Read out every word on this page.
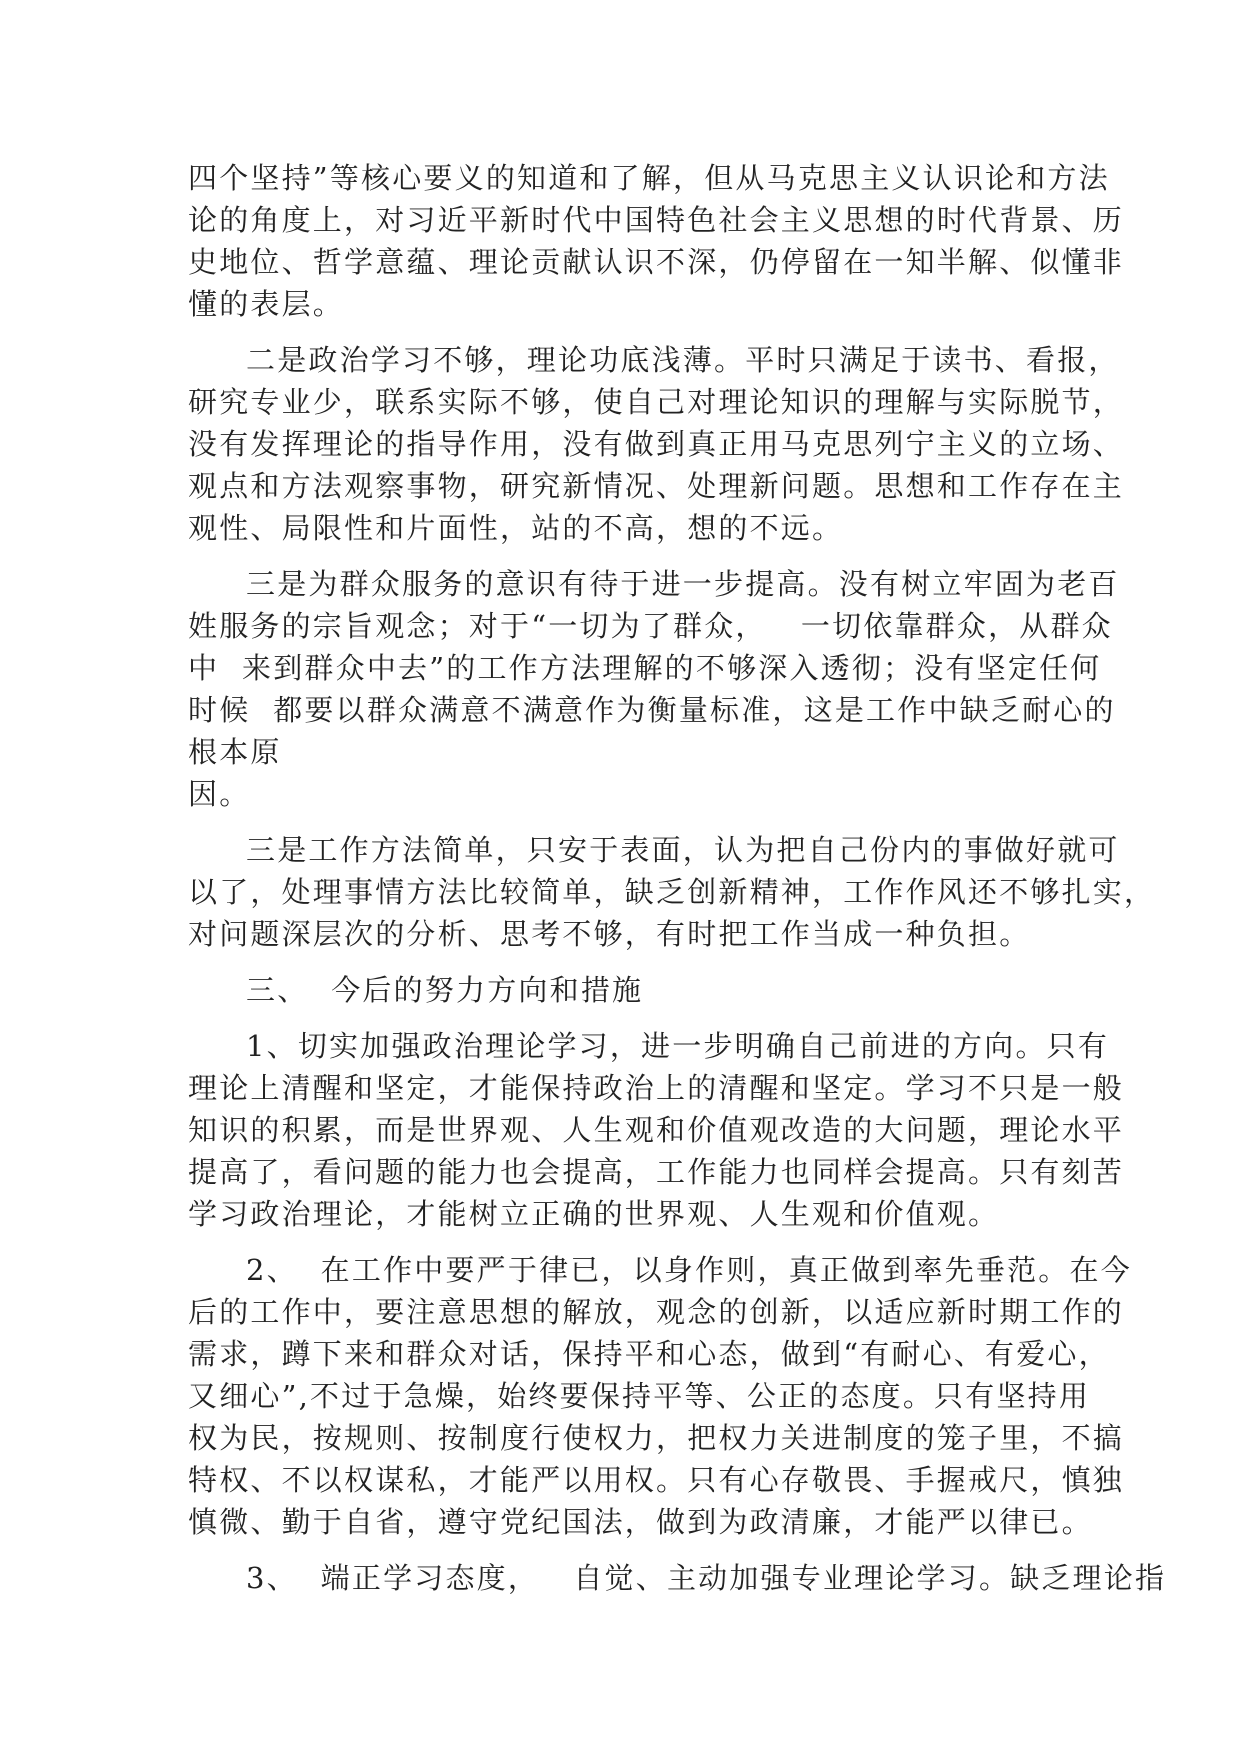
四个坚持”等核心要义的知道和了解，但从马克思主义认识论和方法
论的角度上，对习近平新时代中国特色社会主义思想的时代背景、历
史地位、哲学意蕴、理论贡献认识不深，仍停留在一知半解、似懂非
懂的表层。
二是政治学习不够，理论功底浅薄。平时只满足于读书、看报，
研究专业少，联系实际不够，使自己对理论知识的理解与实际脱节，
没有发挥理论的指导作用，没有做到真正用马克思列宁主义的立场、
观点和方法观察事物，研究新情况、处理新问题。思想和工作存在主
观性、局限性和片面性，站的不高，想的不远。
三是为群众服务的意识有待于进一步提高。没有树立牢固为老百
姓服务的宗旨观念；对于“一切为了群众，   一切依靠群众，从群众
中  来到群众中去”的工作方法理解的不够深入透彻；没有坚定任何
时候  都要以群众满意不满意作为衡量标准，这是工作中缺乏耐心的
根本原
因。
三是工作方法简单，只安于表面，认为把自己份内的事做好就可
以了，处理事情方法比较简单，缺乏创新精神，工作作风还不够扎实，
对问题深层次的分析、思考不够，有时把工作当成一种负担。
三、  今后的努力方向和措施
1、切实加强政治理论学习，进一步明确自己前进的方向。只有
理论上清醒和坚定，才能保持政治上的清醒和坚定。学习不只是一般
知识的积累，而是世界观、人生观和价值观改造的大问题，理论水平
提高了，看问题的能力也会提高，工作能力也同样会提高。只有刻苦
学习政治理论，才能树立正确的世界观、人生观和价值观。
2、  在工作中要严于律已，以身作则，真正做到率先垂范。在今
后的工作中，要注意思想的解放，观念的创新，以适应新时期工作的
需求，蹲下来和群众对话，保持平和心态，做到“有耐心、有爱心，
又细心”,不过于急燥，始终要保持平等、公正的态度。只有坚持用
权为民，按规则、按制度行使权力，把权力关进制度的笼子里，不搞
特权、不以权谋私，才能严以用权。只有心存敬畏、手握戒尺，慎独
慎微、勤于自省，遵守党纪国法，做到为政清廉，才能严以律已。
3、  端正学习态度，   自觉、主动加强专业理论学习。缺乏理论指
